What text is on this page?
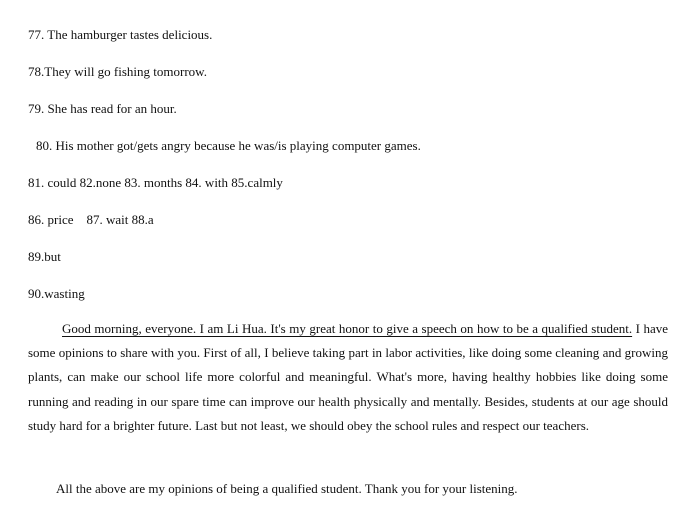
77. The hamburger tastes delicious.
78.They will go fishing tomorrow.
79. She has read for an hour.
80. His mother got/gets angry because he was/is playing computer games.
81. could 82.none 83. months 84. with 85.calmly
86. price    87. wait 88.a
89.but
90.wasting
Good morning, everyone. I am Li Hua. It's my great honor to give a speech on how to be a qualified student. I have some opinions to share with you. First of all, I believe taking part in labor activities, like doing some cleaning and growing plants, can make our school life more colorful and meaningful. What's more, having healthy hobbies like doing some running and reading in our spare time can improve our health physically and mentally. Besides, students at our age should study hard for a brighter future. Last but not least, we should obey the school rules and respect our teachers.
All the above are my opinions of being a qualified student. Thank you for your listening.
